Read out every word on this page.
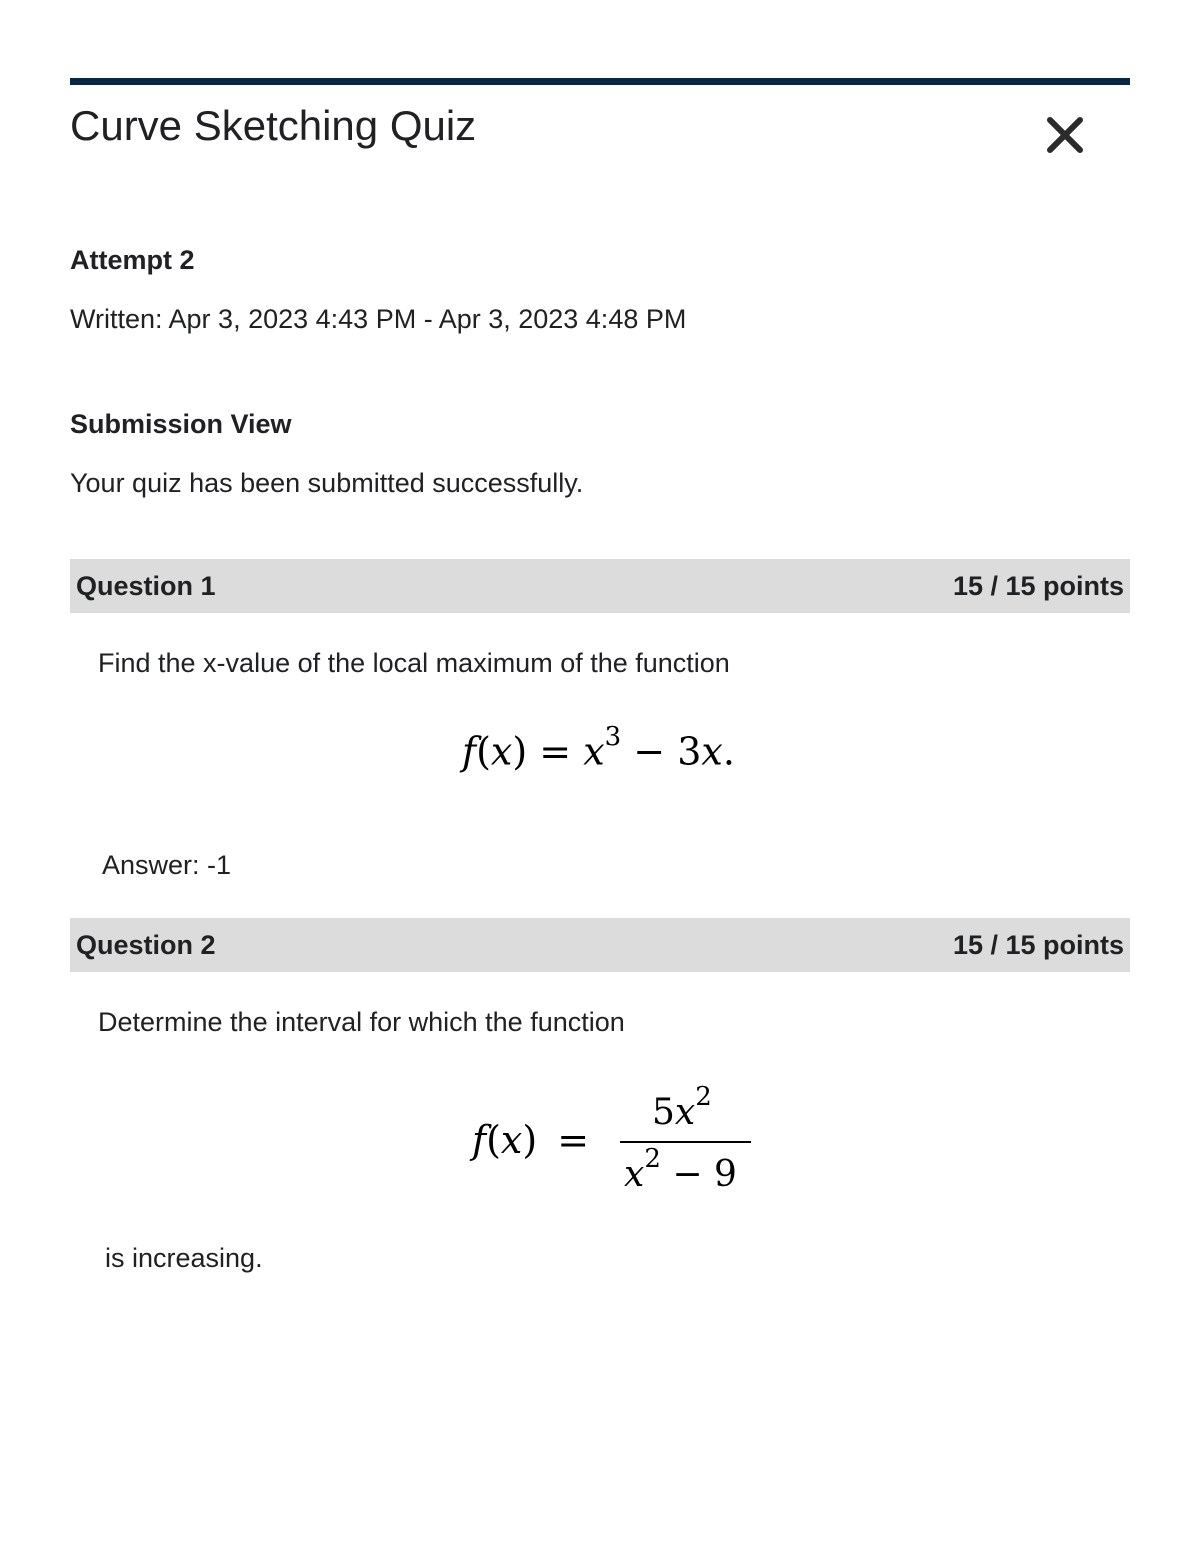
Curve Sketching Quiz

Attempt 2

Written: Apr 3, 2023 4:43 PM - Apr 3, 2023 4:48 PM

Submission View

Your quiz has been submitted successfully.

Question 1	15 / 15 points

Find the x-value of the local maximum of the function

$f(x) = x^3 - 3x$.

Answer: -1

Question 2	15 / 15 points

Determine the interval for which the function

f(x) =
$5x^2$
$x^2 - 9$

is increasing.
